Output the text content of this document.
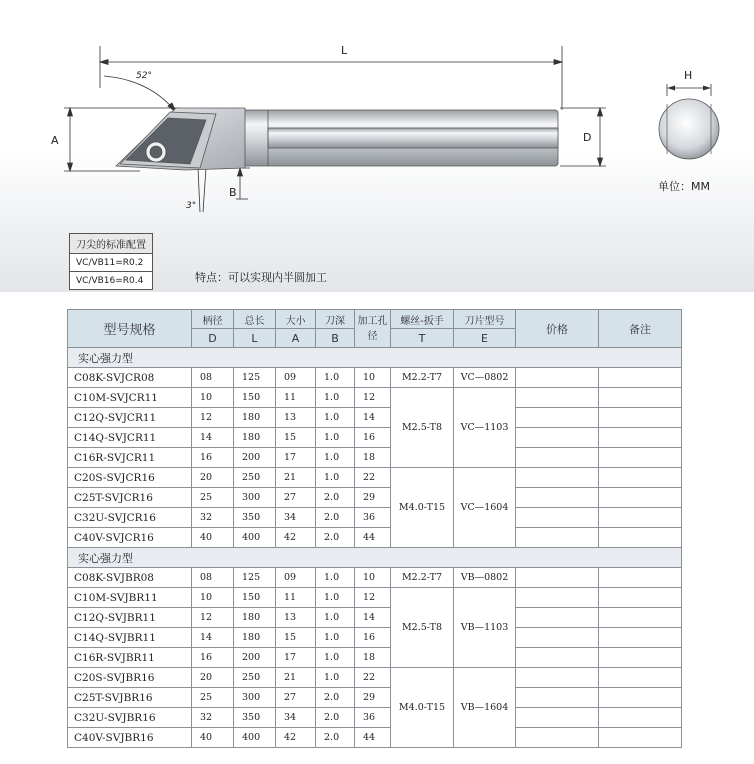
L
H
A	D
B
52°
3°
单位：MM
刀尖的标准配置
VC/VB11=R0.2
VC/VB16=R0.4	特点：可以实现内半圆加工
型号规格	柄径	总长	大小	刀深	加工孔径	螺丝-扳手	刀片型号	价格	备注
	D	L	A	B		T	E		
实心强力型									
C08K-SVJCR08	08	125	09	1.0	10	M2.2-T7	VC—0802		
C10M-SVJCR11	10	150	11	1.0	12	M2.5-T8	VC—1103		
C12Q-SVJCR11	12	180	13	1.0	14				
C14Q-SVJCR11	14	180	15	1.0	16				
C16R-SVJCR11	16	200	17	1.0	18				
C20S-SVJCR16	20	250	21	1.0	22	M4.0-T15	VC—1604		
C25T-SVJCR16	25	300	27	2.0	29				
C32U-SVJCR16	32	350	34	2.0	36				
C40V-SVJCR16	40	400	42	2.0	44				
实心强力型									
C08K-SVJBR08	08	125	09	1.0	10	M2.2-T7	VB—0802		
C10M-SVJBR11	10	150	11	1.0	12	M2.5-T8	VB—1103		
C12Q-SVJBR11	12	180	13	1.0	14				
C14Q-SVJBR11	14	180	15	1.0	16				
C16R-SVJBR11	16	200	17	1.0	18				
C20S-SVJBR16	20	250	21	1.0	22	M4.0-T15	VB—1604		
C25T-SVJBR16	25	300	27	2.0	29				
C32U-SVJBR16	32	350	34	2.0	36				
C40V-SVJBR16	40	400	42	2.0	44				
